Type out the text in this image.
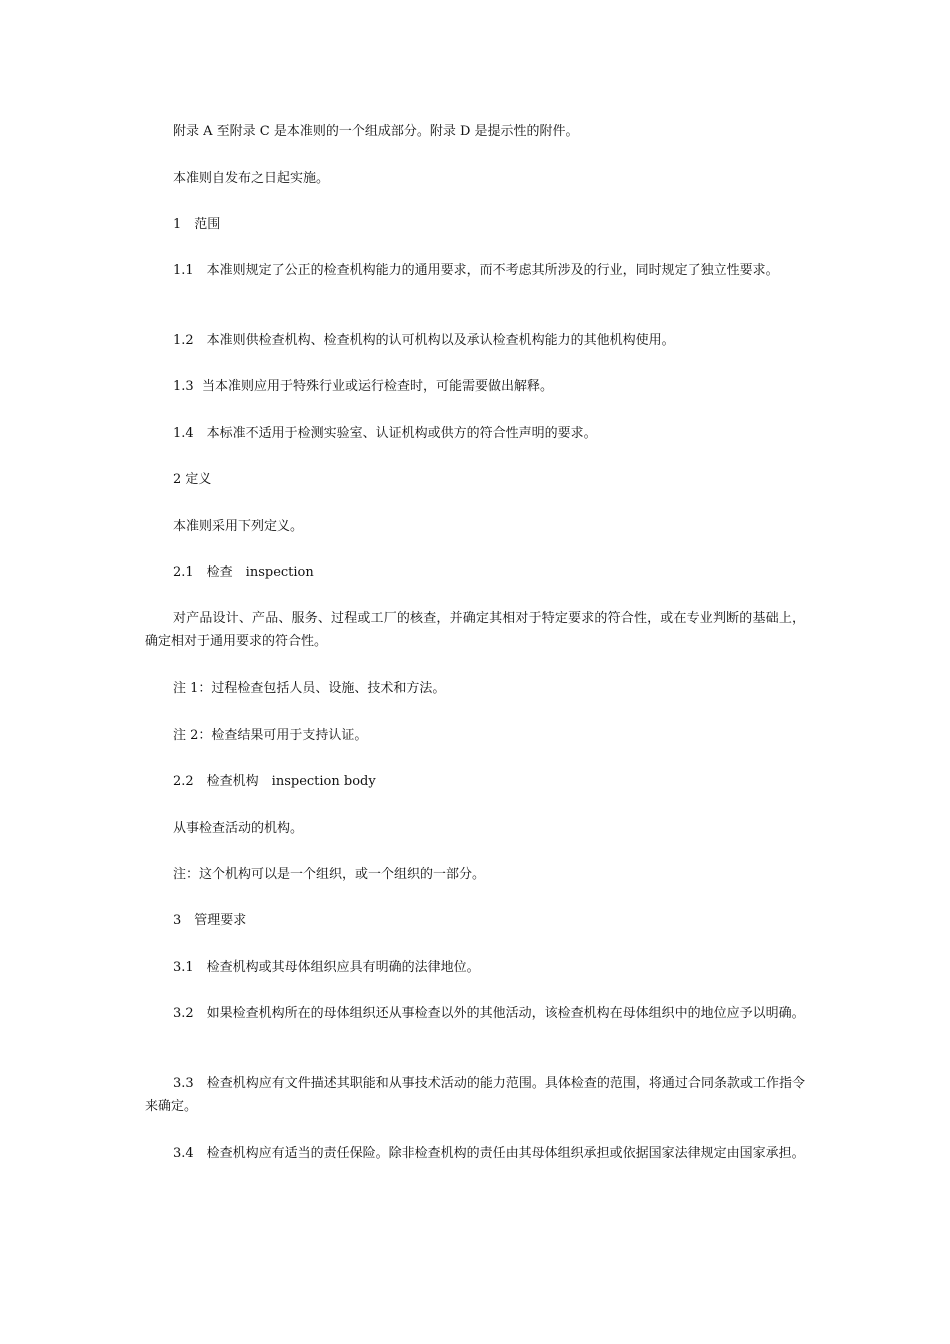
附录 A 至附录 C 是本准则的一个组成部分。附录 D 是提示性的附件。

本准则自发布之日起实施。

1　范围

1.1　本准则规定了公正的检查机构能力的通用要求，而不考虑其所涉及的行业，同时规定了独立性要求。

1.2　本准则供检查机构、检查机构的认可机构以及承认检查机构能力的其他机构使用。

1.3  当本准则应用于特殊行业或运行检查时，可能需要做出解释。

1.4　本标准不适用于检测实验室、认证机构或供方的符合性声明的要求。

2 定义

本准则采用下列定义。

2.1　检查　inspection

对产品设计、产品、服务、过程或工厂的核查，并确定其相对于特定要求的符合性，或在专业判断的基础上，确定相对于通用要求的符合性。

注 1：过程检查包括人员、设施、技术和方法。

注 2：检查结果可用于支持认证。

2.2　检查机构　inspection body

从事检查活动的机构。

注：这个机构可以是一个组织，或一个组织的一部分。

3　管理要求

3.1　检查机构或其母体组织应具有明确的法律地位。

3.2　如果检查机构所在的母体组织还从事检查以外的其他活动，该检查机构在母体组织中的地位应予以明确。

3.3　检查机构应有文件描述其职能和从事技术活动的能力范围。具体检查的范围，将通过合同条款或工作指令来确定。

3.4　检查机构应有适当的责任保险。除非检查机构的责任由其母体组织承担或依据国家法律规定由国家承担。
